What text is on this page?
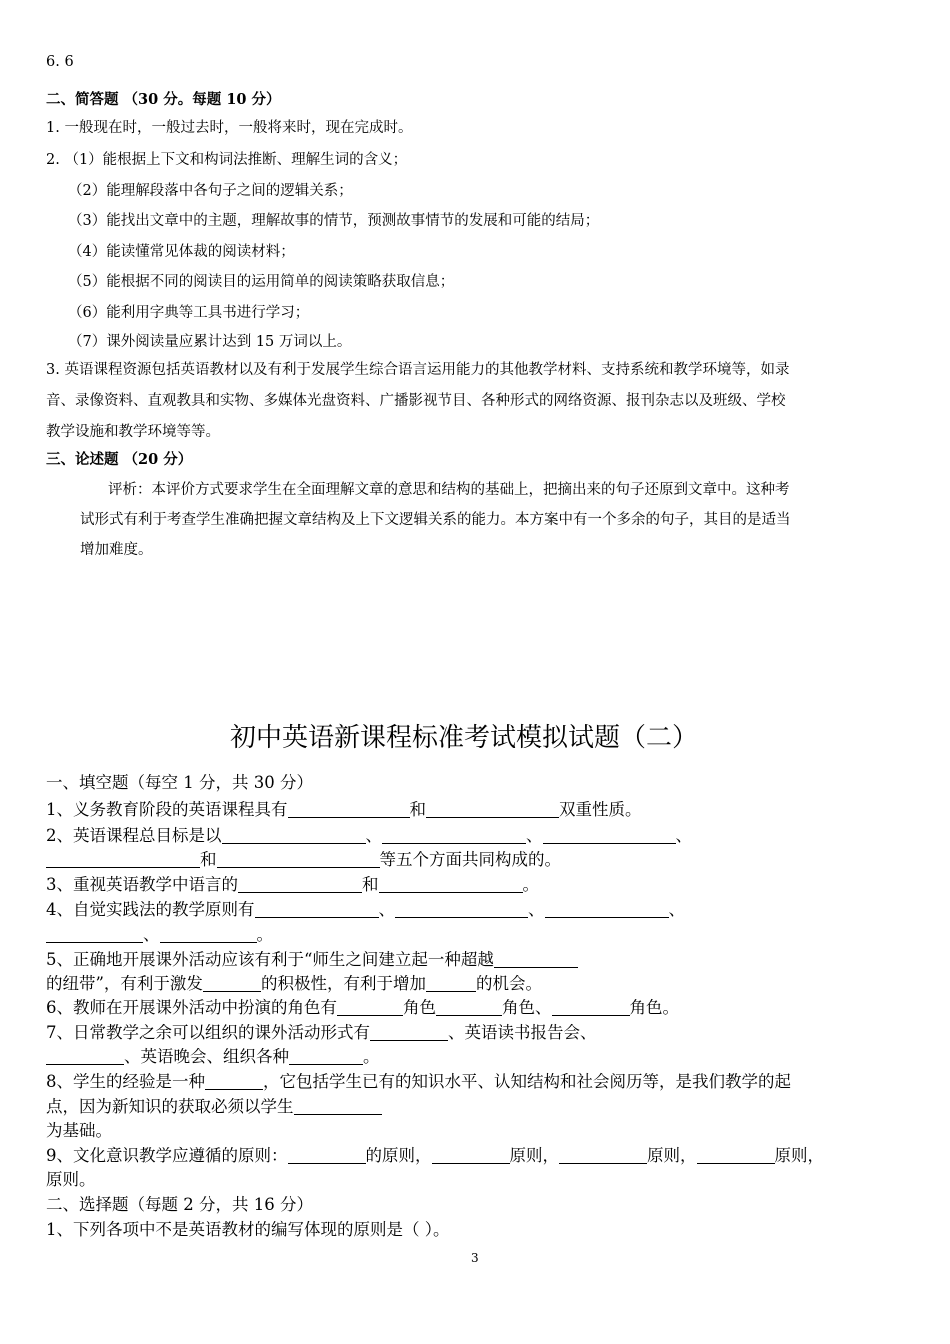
6. 6
二、简答题 （30 分。每题 10 分）
1. 一般现在时，一般过去时，一般将来时，现在完成时。
2. （1）能根据上下文和构词法推断、理解生词的含义；
（2）能理解段落中各句子之间的逻辑关系；
（3）能找出文章中的主题，理解故事的情节，预测故事情节的发展和可能的结局；
（4）能读懂常见体裁的阅读材料；
（5）能根据不同的阅读目的运用简单的阅读策略获取信息；
（6）能利用字典等工具书进行学习；
（7）课外阅读量应累计达到 15 万词以上。
3. 英语课程资源包括英语教材以及有利于发展学生综合语言运用能力的其他教学材料、支持系统和教学环境等，如录
音、录像资料、直观教具和实物、多媒体光盘资料、广播影视节目、各种形式的网络资源、报刊杂志以及班级、学校
教学设施和教学环境等等。
三、论述题 （20 分）
评析：本评价方式要求学生在全面理解文章的意思和结构的基础上，把摘出来的句子还原到文章中。这种考
试形式有利于考查学生准确把握文章结构及上下文逻辑关系的能力。本方案中有一个多余的句子，其目的是适当
增加难度。
初中英语新课程标准考试模拟试题（二）
一、填空题（每空 1 分，共 30 分）
1、义务教育阶段的英语课程具有	和	双重性质。
2、英语课程总目标是以	、	、	、
和	等五个方面共同构成的。
3、重视英语教学中语言的	和	。
4、自觉实践法的教学原则有	、	、	、
、	。
5、正确地开展课外活动应该有利于“师生之间建立起一种超越
的纽带”，有利于激发	的积极性，有利于增加	的机会。
6、教师在开展课外活动中扮演的角色有	角色	角色、	角色。
7、日常教学之余可以组织的课外活动形式有	、英语读书报告会、
、英语晚会、组织各种	。
8、学生的经验是一种	，它包括学生已有的知识水平、认知结构和社会阅历等，是我们教学的起
点，因为新知识的获取必须以学生
为基础。
9、文化意识教学应遵循的原则：	的原则，	原则，	原则，	原则，
原则。
二、选择题（每题 2 分，共 16 分）
1、下列各项中不是英语教材的编写体现的原则是（ ）。
3
